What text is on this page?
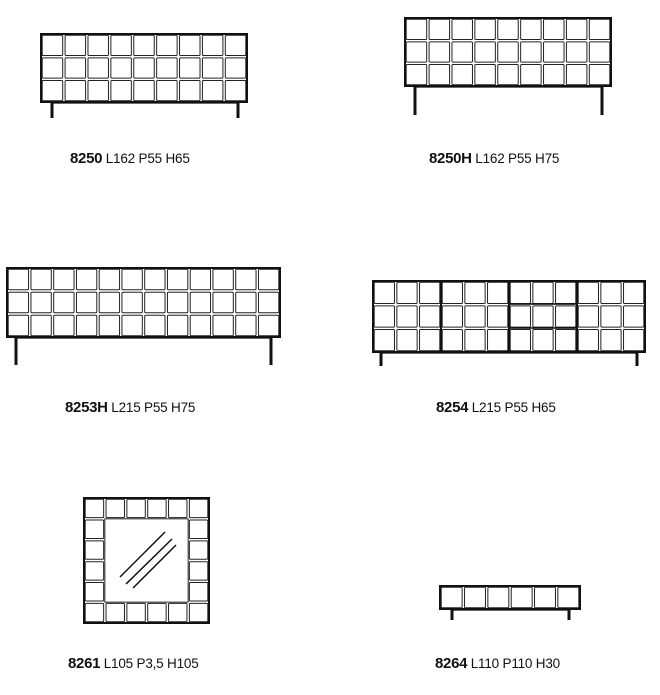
8250 L162 P55 H65	8250H L162 P55 H75
8253H L215 P55 H75	8254 L215 P55 H65
8261 L105 P3,5 H105	8264 L110 P110 H30
